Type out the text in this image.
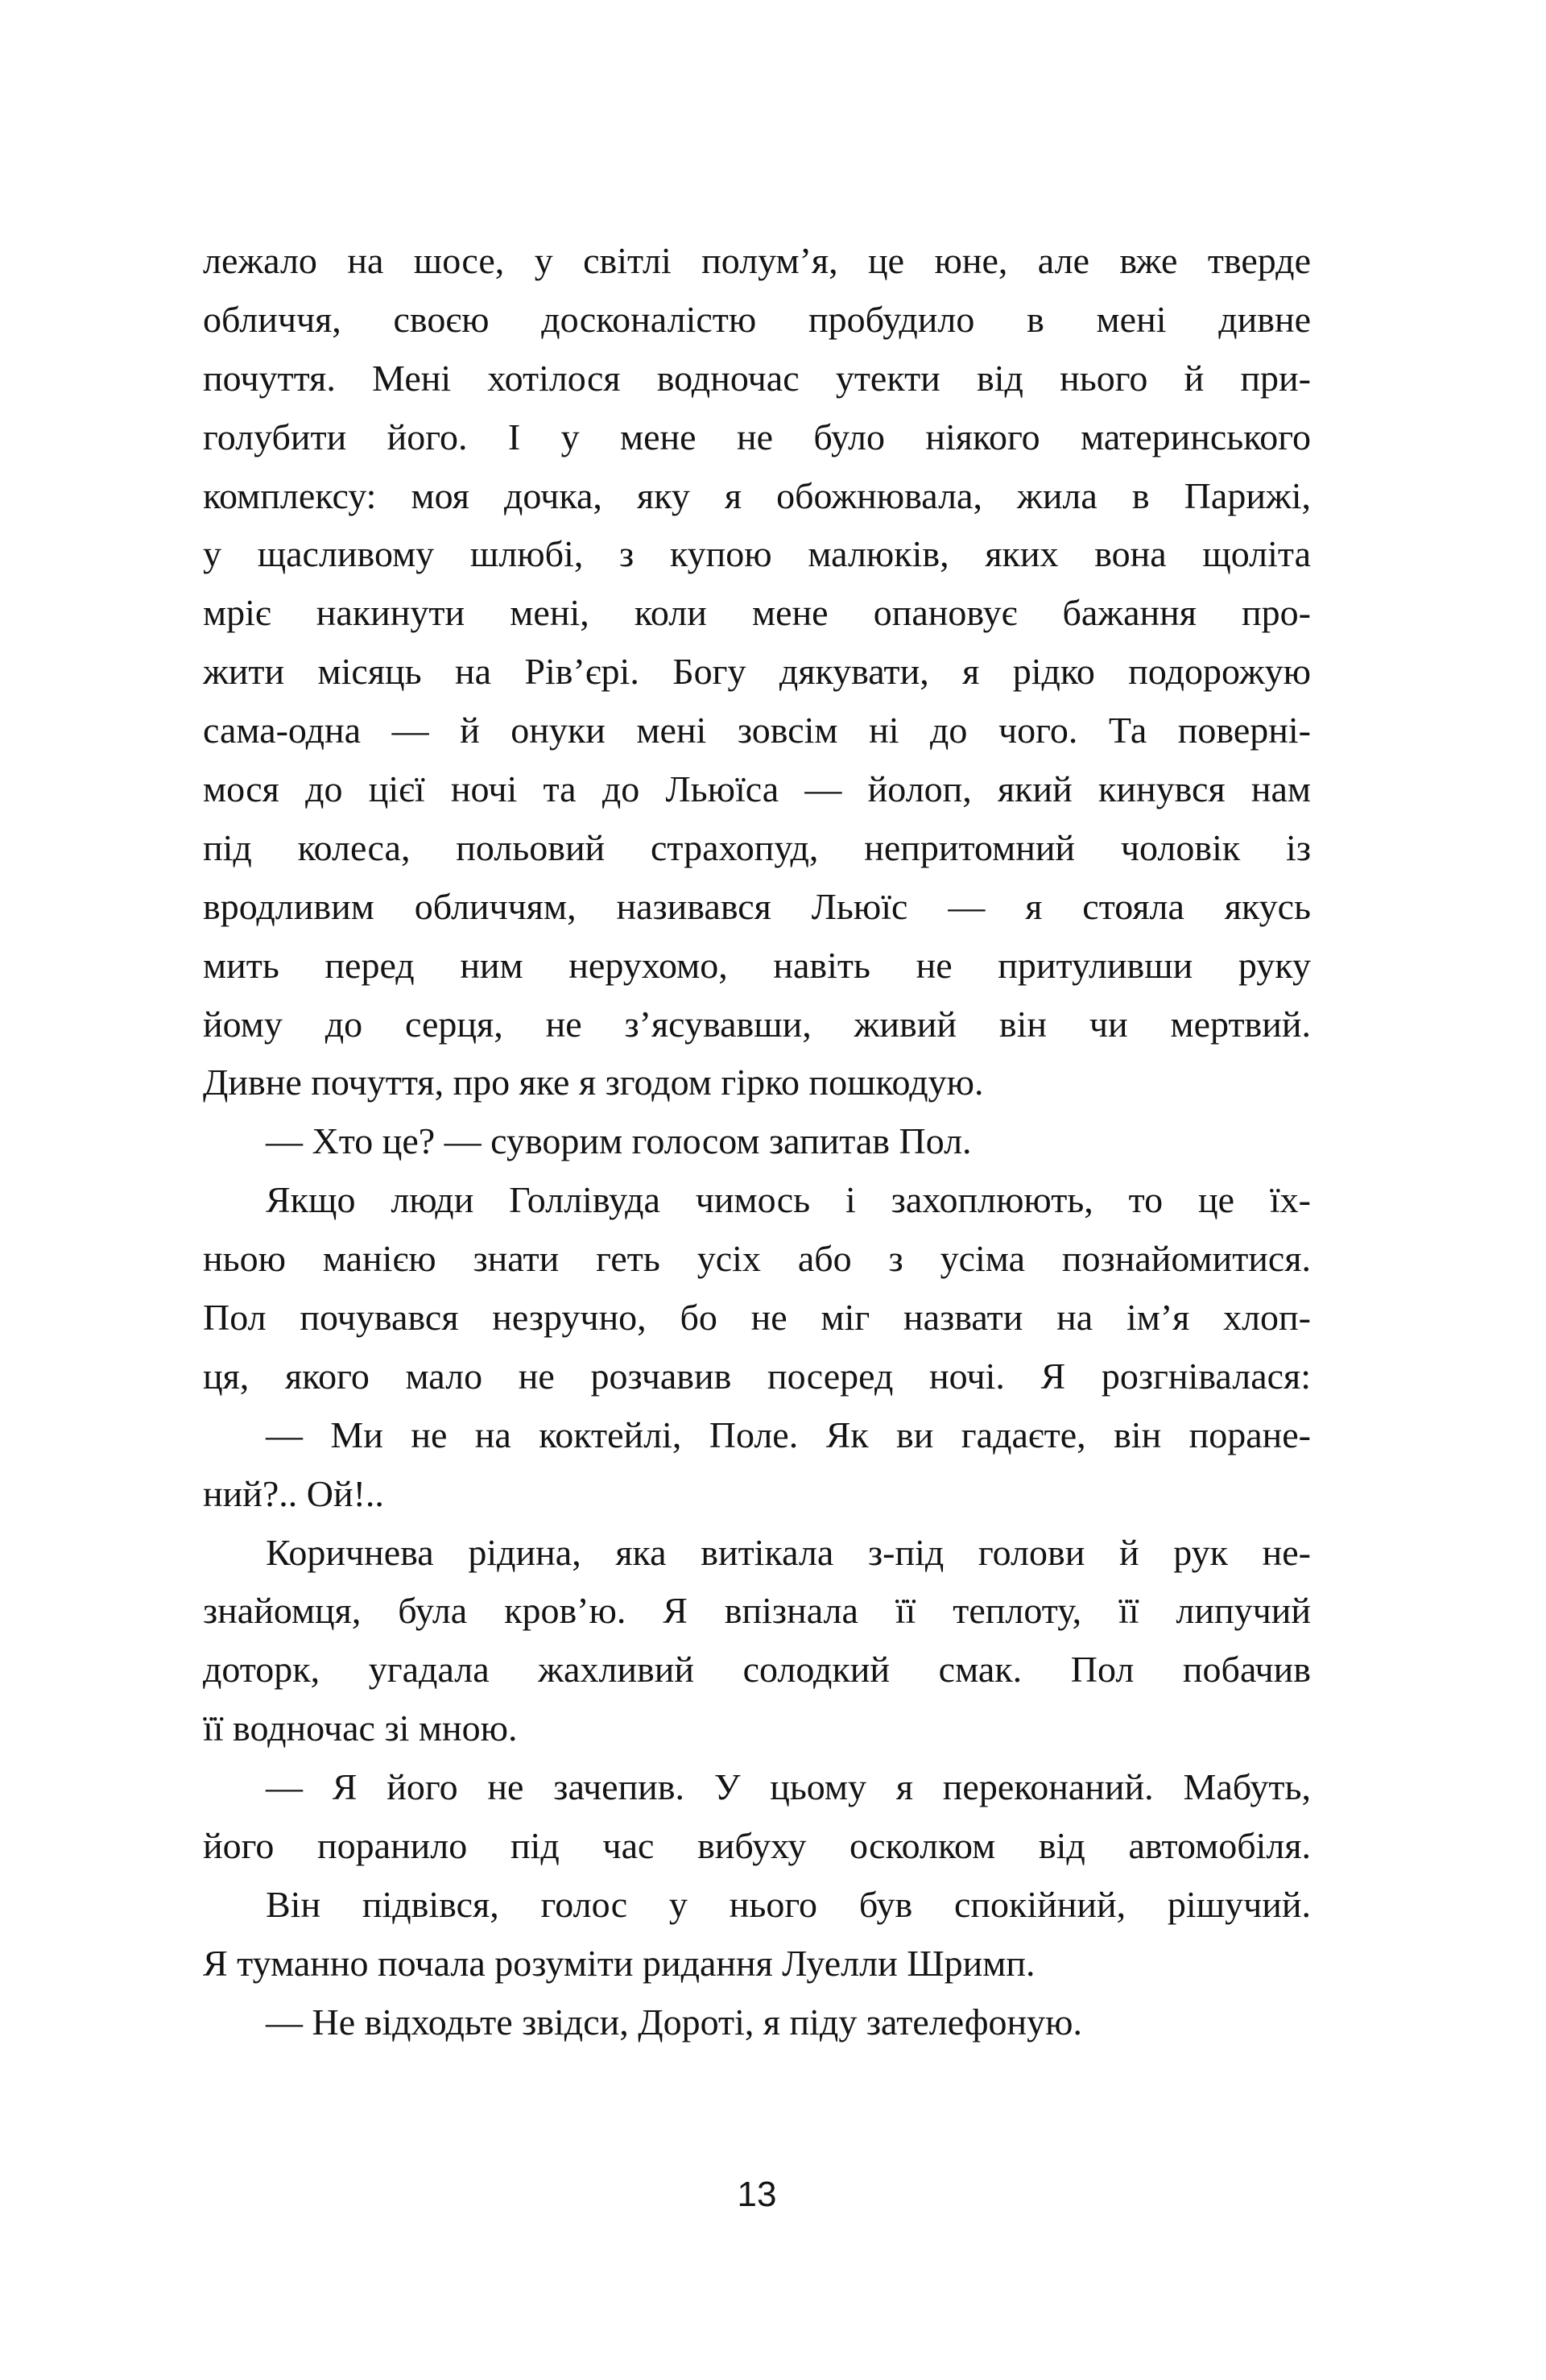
лежало на шосе, у світлі полум’я, це юне, але вже тверде
обличчя, своєю досконалістю пробудило в мені дивне
почуття. Мені хотілося водночас утекти від нього й при-
голубити його. І у мене не було ніякого материнського
комплексу: моя дочка, яку я обожнювала, жила в Парижі,
у щасливому шлюбі, з купою малюків, яких вона щоліта
мріє накинути мені, коли мене опановує бажання про-
жити місяць на Рів’єрі. Богу дякувати, я рідко подорожую
сама-одна — й онуки мені зовсім ні до чого. Та поверні-
мося до цієї ночі та до Льюїса — йолоп, який кинувся нам
під колеса, польовий страхопуд, непритомний чоловік із
вродливим обличчям, називався Льюїс — я стояла якусь
мить перед ним нерухомо, навіть не притуливши руку
йому до серця, не з’ясувавши, живий він чи мертвий.
Дивне почуття, про яке я згодом гірко пошкодую.
— Хто це? — суворим голосом запитав Пол.
Якщо люди Голлівуда чимось і захоплюють, то це їх-
ньою манією знати геть усіх або з усіма познайомитися.
Пол почувався незручно, бо не міг назвати на ім’я хлоп-
ця, якого мало не розчавив посеред ночі. Я розгнівалася:
— Ми не на коктейлі, Поле. Як ви гадаєте, він поране-
ний?.. Ой!..
Коричнева рідина, яка витікала з-під голови й рук не-
знайомця, була кров’ю. Я впізнала її теплоту, її липучий
доторк, угадала жахливий солодкий смак. Пол побачив
її водночас зі мною.
— Я його не зачепив. У цьому я переконаний. Мабуть,
його поранило під час вибуху осколком від автомобіля.
Він підвівся, голос у нього був спокійний, рішучий.
Я туманно почала розуміти ридання Луелли Шримп.
— Не відходьте звідси, Дороті, я піду зателефоную.
13
